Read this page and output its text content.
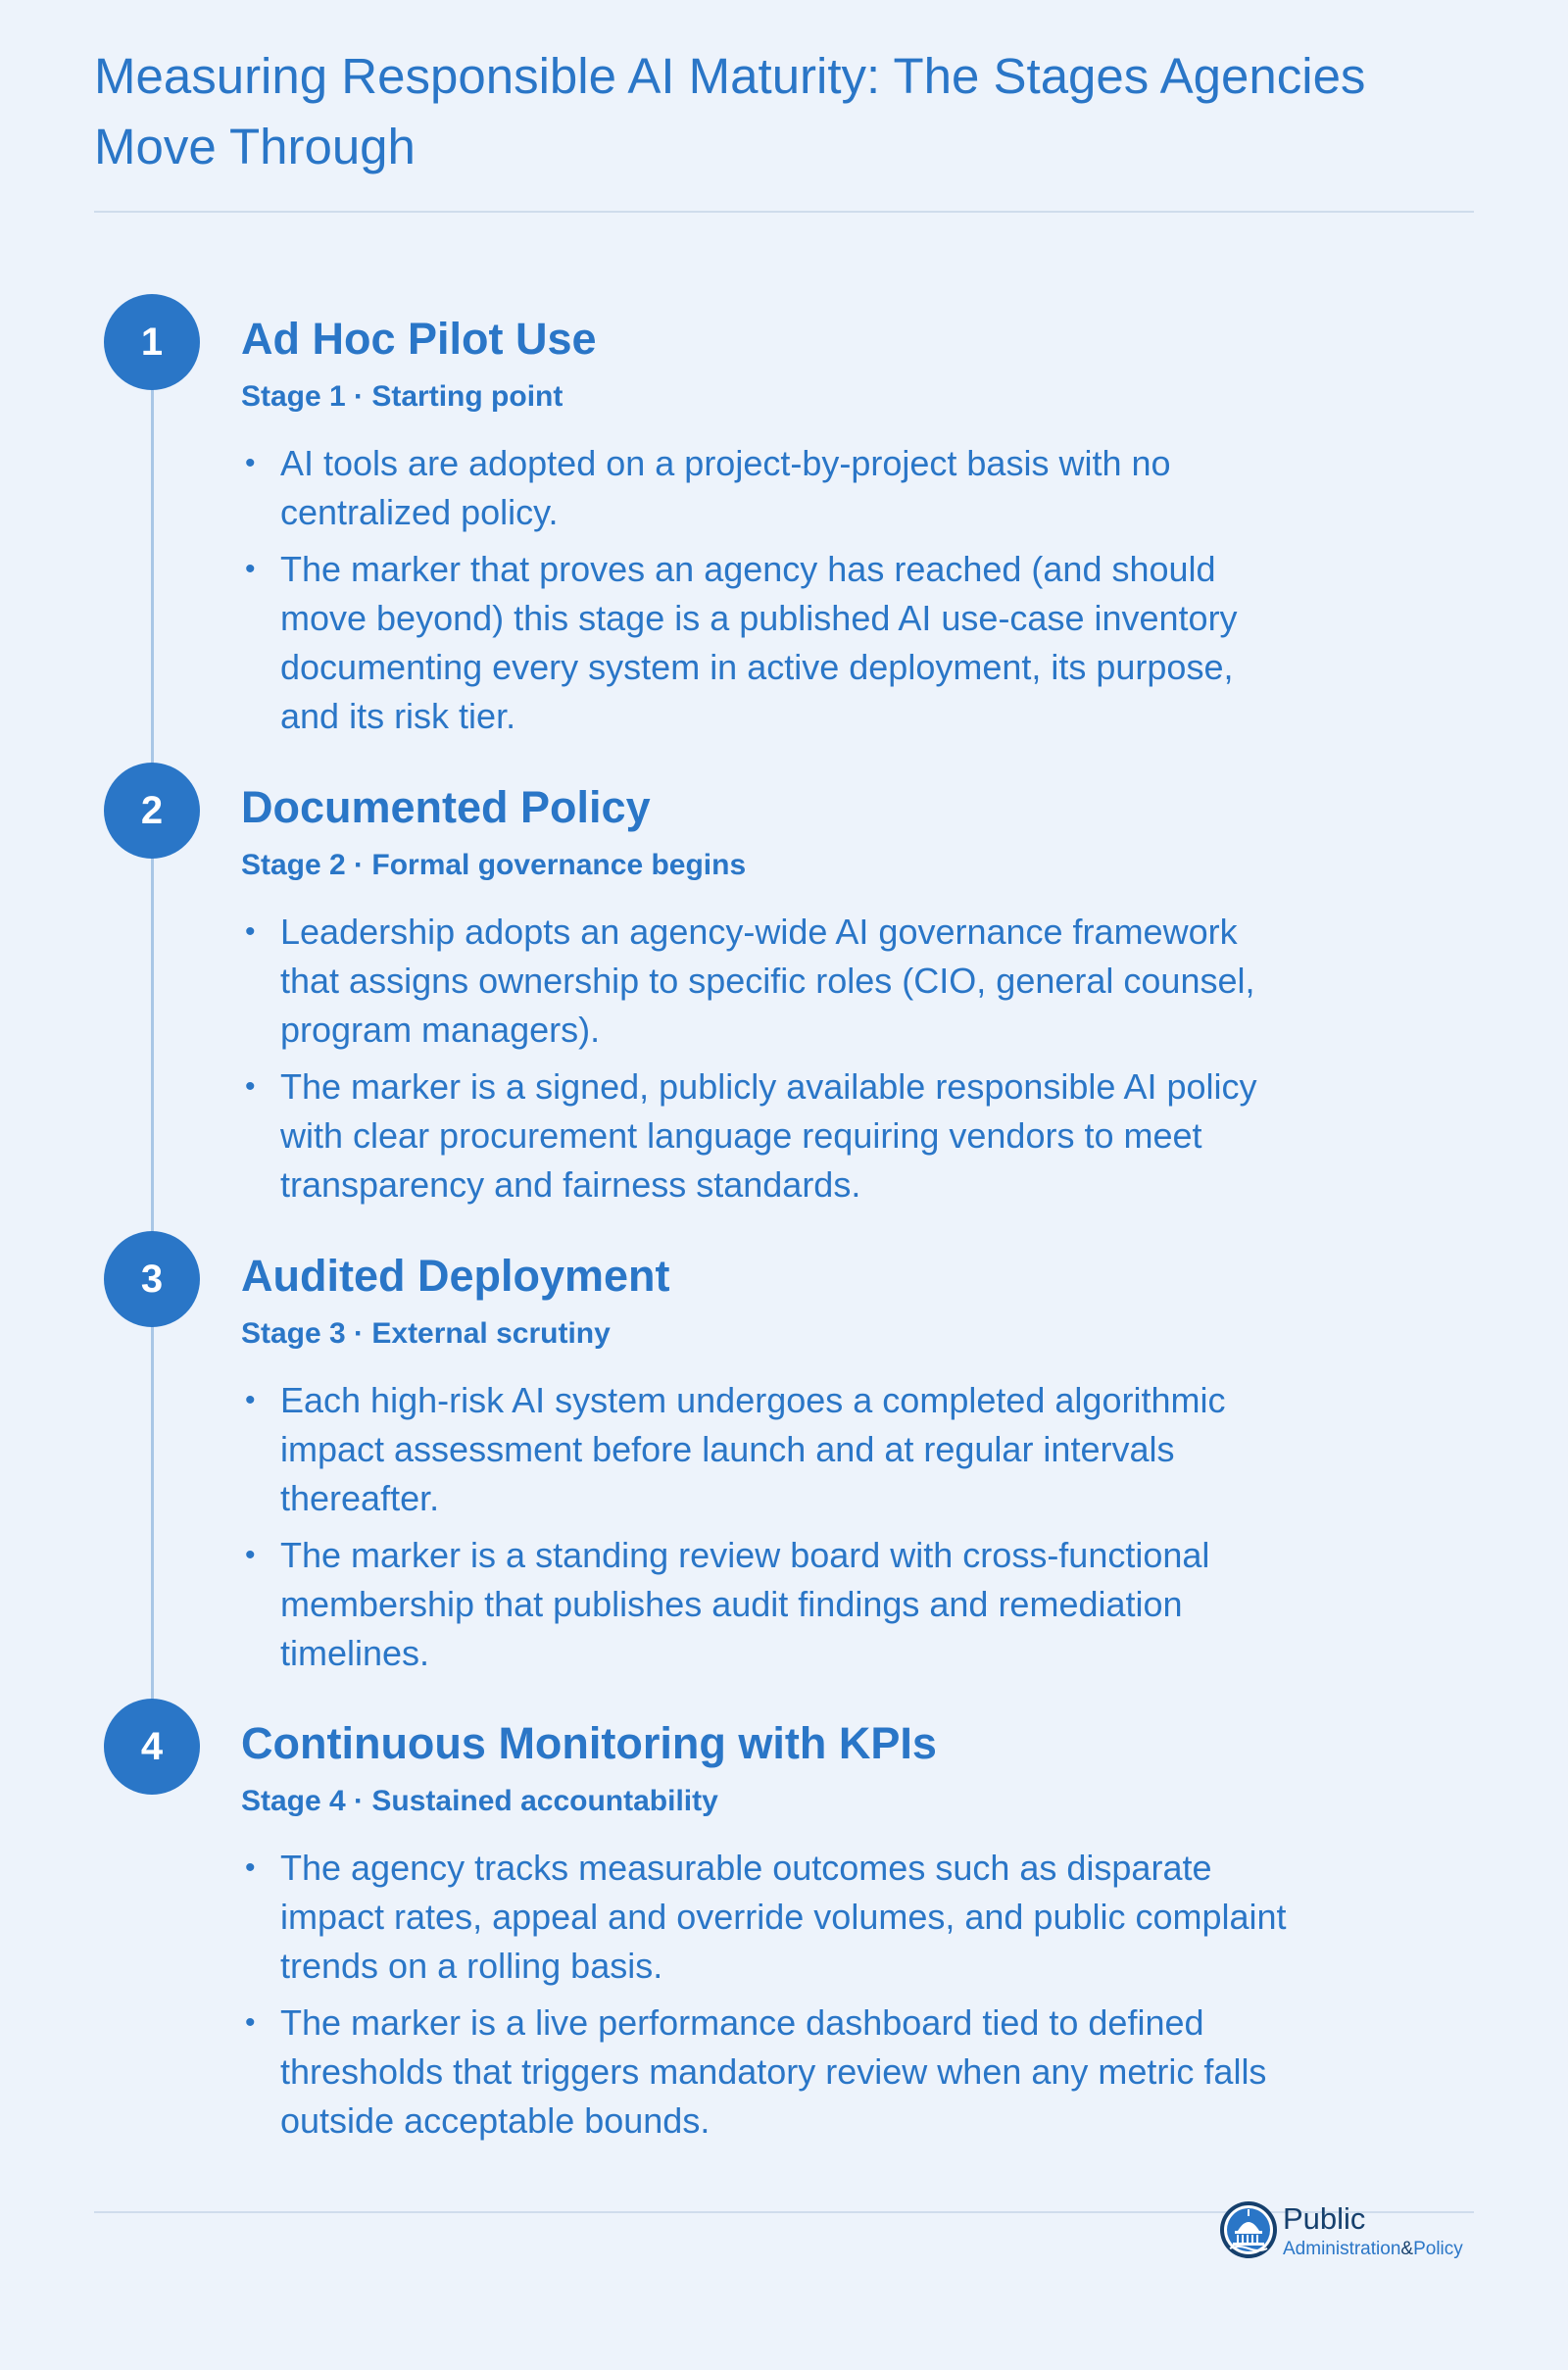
Measuring Responsible AI Maturity: The Stages Agencies Move Through
1	Ad Hoc Pilot Use
Stage 1 · Starting point
• AI tools are adopted on a project-by-project basis with no centralized policy.
• The marker that proves an agency has reached (and should move beyond) this stage is a published AI use-case inventory documenting every system in active deployment, its purpose, and its risk tier.
2	Documented Policy
Stage 2 · Formal governance begins
• Leadership adopts an agency-wide AI governance framework that assigns ownership to specific roles (CIO, general counsel, program managers).
• The marker is a signed, publicly available responsible AI policy with clear procurement language requiring vendors to meet transparency and fairness standards.
3	Audited Deployment
Stage 3 · External scrutiny
• Each high-risk AI system undergoes a completed algorithmic impact assessment before launch and at regular intervals thereafter.
• The marker is a standing review board with cross-functional membership that publishes audit findings and remediation timelines.
4	Continuous Monitoring with KPIs
Stage 4 · Sustained accountability
• The agency tracks measurable outcomes such as disparate impact rates, appeal and override volumes, and public complaint trends on a rolling basis.
• The marker is a live performance dashboard tied to defined thresholds that triggers mandatory review when any metric falls outside acceptable bounds.
Public
Administration&Policy
